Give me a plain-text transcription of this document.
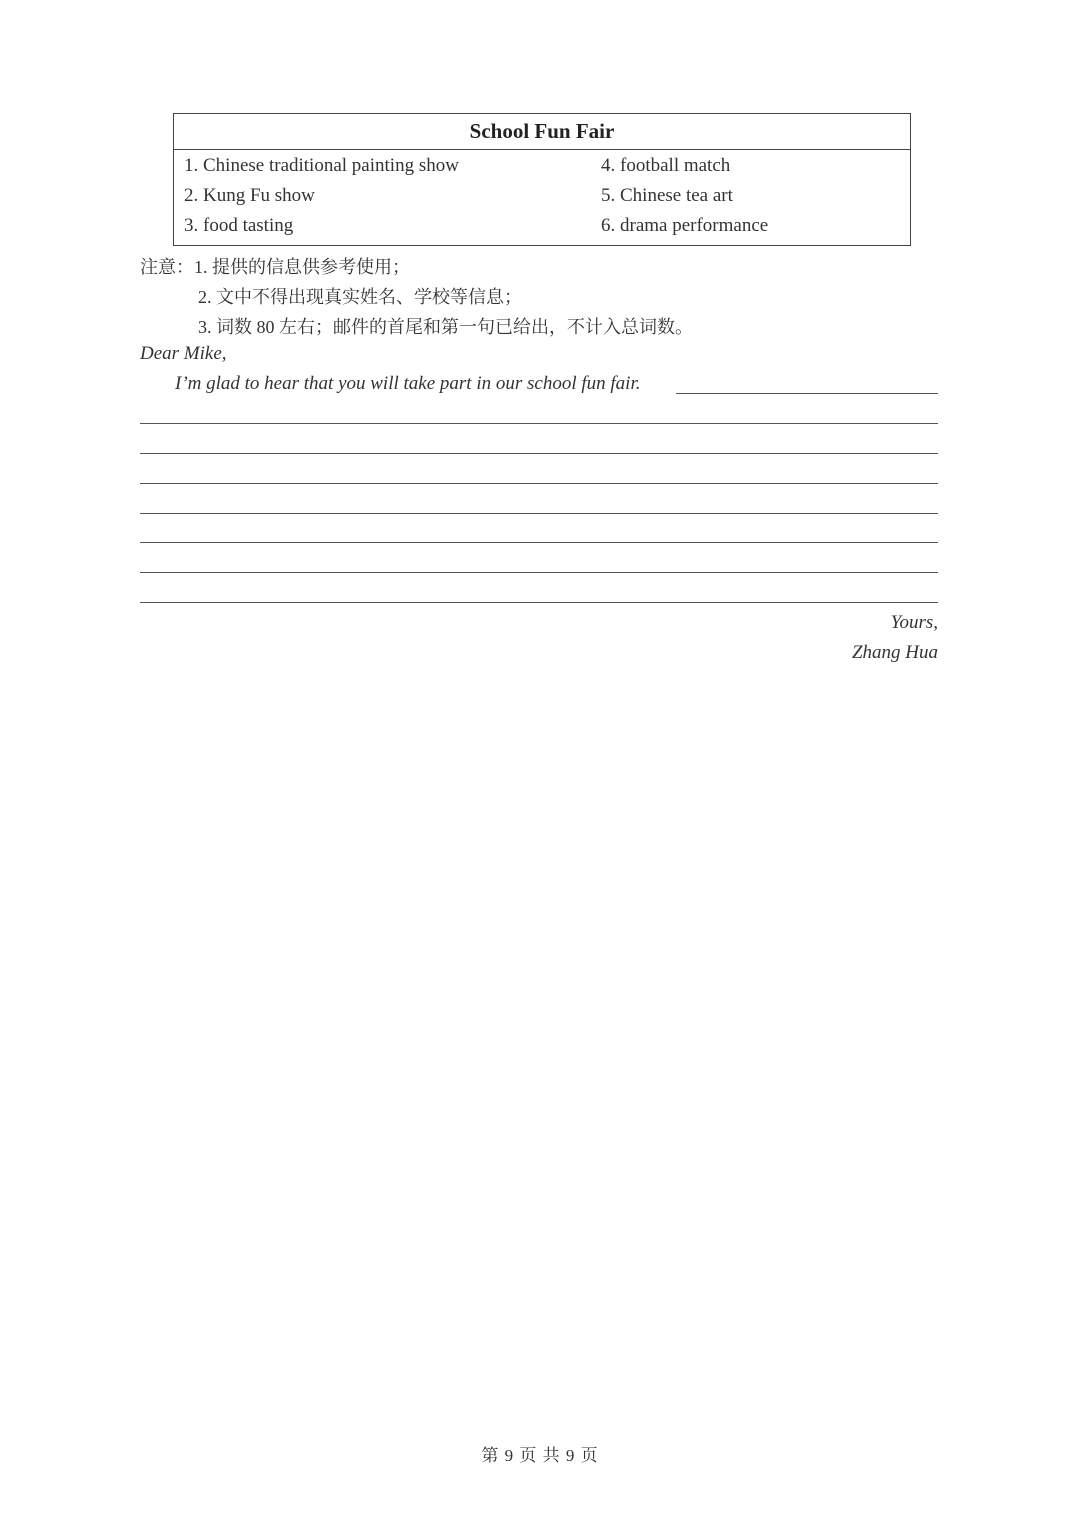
School Fun Fair
1. Chinese traditional painting show
2. Kung Fu show
3. food tasting
4. football match
5. Chinese tea art
6. drama performance
注意：1. 提供的信息供参考使用；
2. 文中不得出现真实姓名、学校等信息；
3. 词数 80 左右；邮件的首尾和第一句已给出，不计入总词数。
Dear Mike,
I’m glad to hear that you will take part in our school fun fair.
Yours,
Zhang Hua
第 9 页 共 9 页
